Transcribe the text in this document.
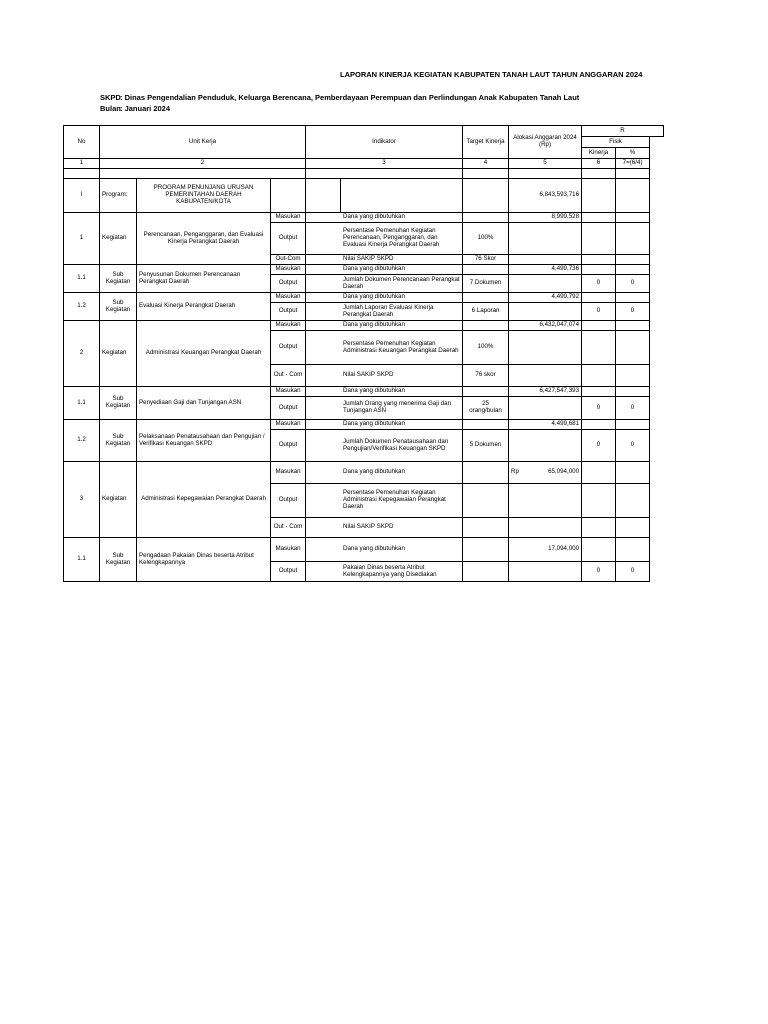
LAPORAN KINERJA KEGIATAN KABUPATEN TANAH LAUT TAHUN ANGGARAN 2024
SKPD: Dinas Pengendalian Penduduk, Keluarga Berencana, Pemberdayaan Perempuan dan Perlindungan Anak Kabupaten Tanah Laut
Bulan: Januari 2024
No	Unit Kerja			Indikator		Target Kinerja	Alokasi Anggaran 2024 (Rp)	R		
								Fisik		
								Kinerja	%	
1	2			3		4	5	6	7=(6/4)	

I	Program:	PROGRAM PENUNJANG URUSAN PEMERINTAHAN DAERAH KABUPATEN/KOTA					6,843,593,716			
1	Kegiatan	Perencanaan, Penganggaran, dan Evaluasi Kinerja Perangkat Daerah	Masukan		Dana yang dibutuhkan		8,999,528			
			Output		Persentase Pemenuhan Kegiatan Perencanaan, Penganggaran, dan Evaluasi Kinerja Perangkat Daerah	100%				
			Out-Com		Nilai SAKIP SKPD	76 Skor				
1.1	Sub Kegiatan	Penyusunan Dokumen Perencanaan Perangkat Daerah	Masukan		Dana yang dibutuhkan		4,499,736			
			Output		Jumlah Dokumen Perencanaan Perangkat Daerah	7 Dokumen		0	0	
1.2	Sub Kegiatan	Evaluasi Kinerja Perangkat Daerah	Masukan		Dana yang dibutuhkan		4,499,792			
			Output		Jumlah Laporan Evaluasi Kinerja Perangkat Daerah	6 Laporan		0	0	
2	Kegiatan	Administrasi Keuangan Perangkat Daerah	Masukan		Dana yang dibutuhkan		6,432,047,074			
			Output		Persentase Pemenuhan Kegiatan Administrasi Keuangan Perangkat Daerah	100%				
			Out - Com		Nilai SAKIP SKPD	76 skor				
1.1	Sub Kegiatan	Penyediaan Gaji dan Tunjangan ASN	Masukan		Dana yang dibutuhkan		6,427,547,393			
			Output		Jumlah Orang yang menerima Gaji dan Tunjangan ASN	25 orang/bulan		0	0	
1.2	Sub Kegiatan	Pelaksanaan Penatausahaan dan Pengujian / Verifikasi Keuangan SKPD	Masukan		Dana yang dibutuhkan		4,499,681			
			Output		Jumlah Dokumen Penatausahaan dan Pengujian/Verifikasi Keuangan SKPD	5 Dokumen		0	0	
3	Kegiatan	Administrasi Kepegawaian Perangkat Daerah	Masukan		Dana yang dibutuhkan		Rp 65,094,000			

			Output		Persentase Pemenuhan Kegiatan Administrasi Kepegawaian Perangkat Daerah					
			Out - Com		Nilai SAKIP SKPD					
1.1	Sub Kegiatan	Pengadaan Pakaian Dinas beserta Atribut Kelengkapannya	Masukan		Dana yang dibutuhkan		17,094,000			
			Output		Pakaian Dinas beserta Atribut Kelengkapannya yang Disediakan			0	0	
